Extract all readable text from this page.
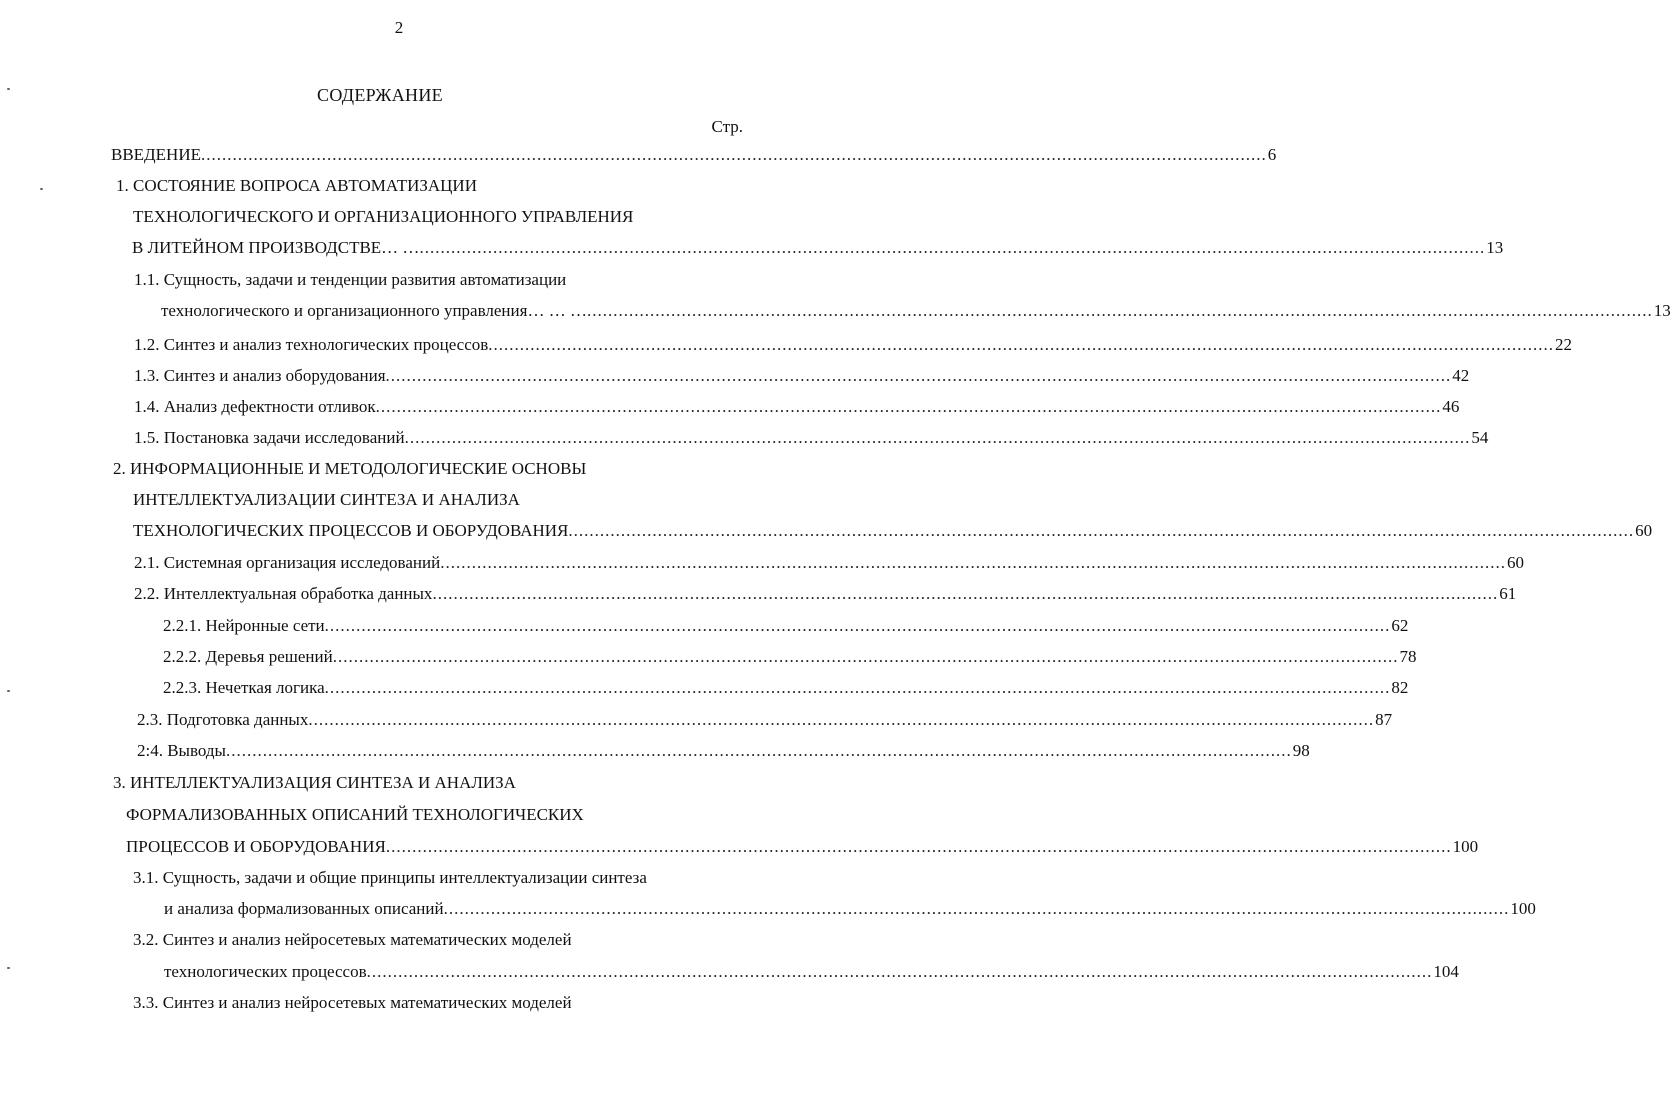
2
СОДЕРЖАНИЕ
Стр.
ВВЕДЕНИЕ ........................................................................................................................................................................................................... 6
1. СОСТОЯНИЕ ВОПРОСА АВТОМАТИЗАЦИИ
ТЕХНОЛОГИЧЕСКОГО И ОРГАНИЗАЦИОННОГО УПРАВЛЕНИЯ
В ЛИТЕЙНОМ ПРОИЗВОДСТВЕ… … ........................................................................................................................................................................................................... 13
1.1. Сущность, задачи и тенденции развития автоматизации
технологического и организационного управления… … … ........................................................................................................................................................................................................... 13
1.2. Синтез и анализ технологических процессов ........................................................................................................................................................................................................... 22
1.3. Синтез и анализ оборудования ........................................................................................................................................................................................................... 42
1.4. Анализ дефектности отливок ........................................................................................................................................................................................................... 46
1.5. Постановка задачи исследований ........................................................................................................................................................................................................... 54
2. ИНФОРМАЦИОННЫЕ И МЕТОДОЛОГИЧЕСКИЕ ОСНОВЫ
ИНТЕЛЛЕКТУАЛИЗАЦИИ СИНТЕЗА И АНАЛИЗА
ТЕХНОЛОГИЧЕСКИХ ПРОЦЕССОВ И ОБОРУДОВАНИЯ ........................................................................................................................................................................................................... 60
2.1. Системная организация исследований ........................................................................................................................................................................................................... 60
2.2. Интеллектуальная обработка данных ........................................................................................................................................................................................................... 61
2.2.1. Нейронные сети ........................................................................................................................................................................................................... 62
2.2.2. Деревья решений ........................................................................................................................................................................................................... 78
2.2.3. Нечеткая логика ........................................................................................................................................................................................................... 82
2.3. Подготовка данных ........................................................................................................................................................................................................... 87
2:4. Выводы ........................................................................................................................................................................................................... 98
3. ИНТЕЛЛЕКТУАЛИЗАЦИЯ СИНТЕЗА И АНАЛИЗА
ФОРМАЛИЗОВАННЫХ ОПИСАНИЙ ТЕХНОЛОГИЧЕСКИХ
ПРОЦЕССОВ И ОБОРУДОВАНИЯ ........................................................................................................................................................................................................... 100
3.1. Сущность, задачи и общие принципы интеллектуализации синтеза
и анализа формализованных описаний ........................................................................................................................................................................................................... 100
3.2. Синтез и анализ нейросетевых математических моделей
технологических процессов ........................................................................................................................................................................................................... 104
3.3. Синтез и анализ нейросетевых математических моделей
